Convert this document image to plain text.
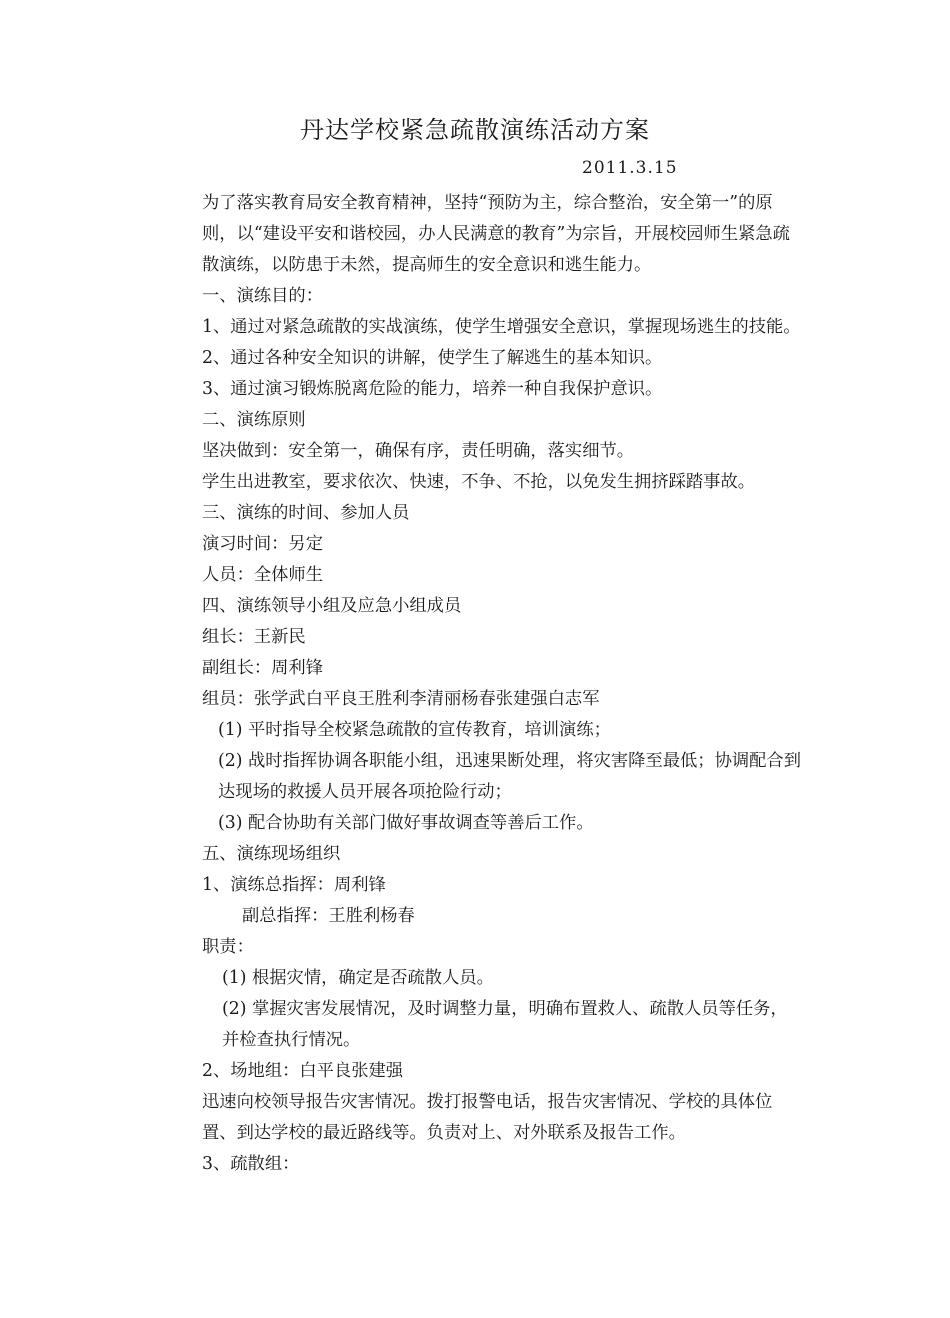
丹达学校紧急疏散演练活动方案
2011.3.15

为了落实教育局安全教育精神，坚持“预防为主，综合整治，安全第一”的原则，以“建设平安和谐校园，办人民满意的教育”为宗旨，开展校园师生紧急疏散演练，以防患于未然，提高师生的安全意识和逃生能力。

一、演练目的：

1、通过对紧急疏散的实战演练，使学生增强安全意识，掌握现场逃生的技能。

2、通过各种安全知识的讲解，使学生了解逃生的基本知识。

3、通过演习锻炼脱离危险的能力，培养一种自我保护意识。

二、演练原则

坚决做到：安全第一，确保有序，责任明确，落实细节。

学生出进教室，要求依次、快速，不争、不抢，以免发生拥挤踩踏事故。

三、演练的时间、参加人员

演习时间：另定

人员：全体师生

四、演练领导小组及应急小组成员

组长：王新民

副组长：周利锋

组员：张学武白平良王胜利李清丽杨春张建强白志军

(1) 平时指导全校紧急疏散的宣传教育，培训演练；

(2) 战时指挥协调各职能小组，迅速果断处理，将灾害降至最低；协调配合到达现场的救援人员开展各项抢险行动；

(3) 配合协助有关部门做好事故调查等善后工作。

五、演练现场组织

1、演练总指挥：周利锋

副总指挥：王胜利杨春

职责：

(1) 根据灾情，确定是否疏散人员。

(2) 掌握灾害发展情况，及时调整力量，明确布置救人、疏散人员等任务，并检查执行情况。

2、场地组：白平良张建强

迅速向校领导报告灾害情况。拨打报警电话，报告灾害情况、学校的具体位置、到达学校的最近路线等。负责对上、对外联系及报告工作。

3、疏散组：
